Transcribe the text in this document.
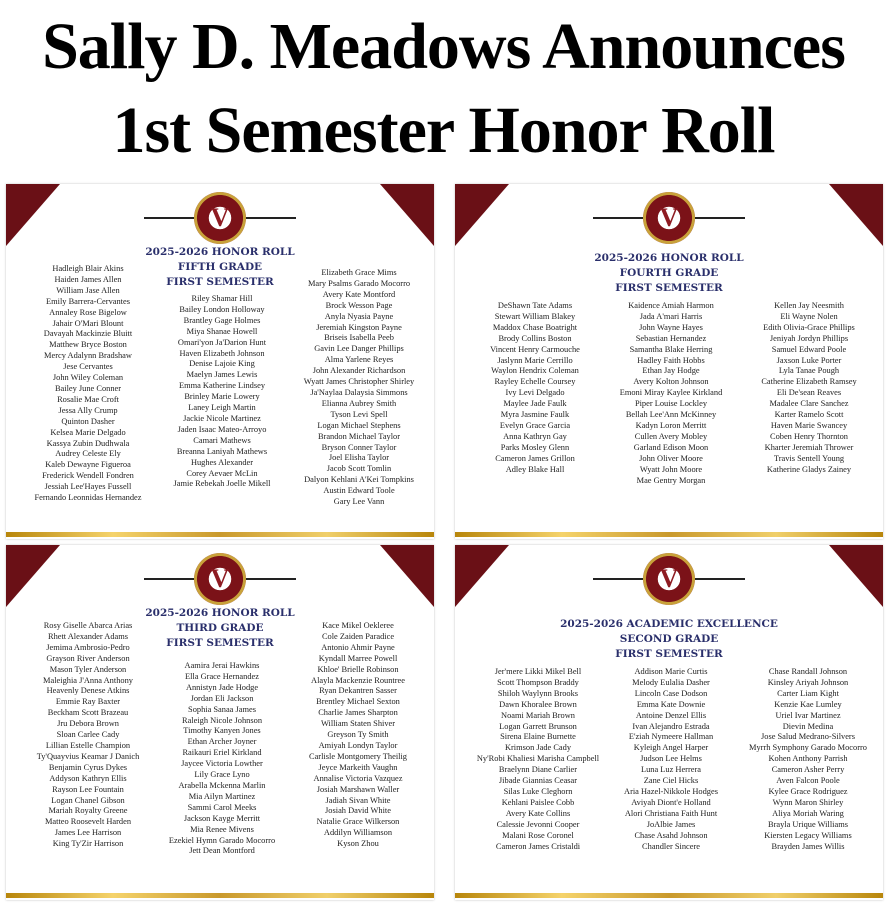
Sally D. Meadows Announces
1st Semester Honor Roll
V
2025-2026 HONOR ROLL
FIFTH GRADE
FIRST SEMESTER
Hadleigh Blair Akins
Haiden James Allen
William Jase Allen
Emily Barrera-Cervantes
Annaley Rose Bigelow
Jahair O'Mari Blount
Davayah Mackinzie Bluitt
Matthew Bryce Boston
Mercy Adalynn Bradshaw
Jese Cervantes
John Wiley Coleman
Bailey June Conner
Rosalie Mae Croft
Jessa Ally Crump
Quinton Dasher
Kelsea Marie Delgado
Kassya Zubin Dudhwala
Audrey Celeste Ely
Kaleb Dewayne Figueroa
Frederick Wendell Fondren
Jessiah Lee'Hayes Fussell
Fernando Leonnidas Hernandez
Riley Shamar Hill
Bailey London Holloway
Brantley Gage Holmes
Miya Shanae Howell
Omari'yon Ja'Darion Hunt
Haven Elizabeth Johnson
Denise Lajoie King
Maelyn James Lewis
Emma Katherine Lindsey
Brinley Marie Lowery
Laney Leigh Martin
Jackie Nicole Martinez
Jaden Isaac Mateo-Arroyo
Camari Mathews
Breanna Laniyah Mathews
Hughes Alexander
Corey Aevaer McLin
Jamie Rebekah Joelle Mikell
Elizabeth Grace Mims
Mary Psalms Garado Mocorro
Avery Kate Montford
Brock Wesson Page
Anyla Nyasia Payne
Jeremiah Kingston Payne
Briseis Isabella Peeb
Gavin Lee Danger Phillips
Alma Yarlene Reyes
John Alexander Richardson
Wyatt James Christopher Shirley
Ja'Naylaa Dalaysia Simmons
Elianna Aubrey Smith
Tyson Levi Spell
Logan Michael Stephens
Brandon Michael Taylor
Bryson Conner Taylor
Joel Elisha Taylor
Jacob Scott Tomlin
Dalyon Kehlani A'Kei Tompkins
Austin Edward Toole
Gary Lee Vann
V
2025-2026 HONOR ROLL
FOURTH GRADE
FIRST SEMESTER
DeShawn Tate Adams
Stewart William Blakey
Maddox Chase Boatright
Brody Collins Boston
Vincent Henry Carmouche
Jaslynn Marie Cerrillo
Waylon Hendrix Coleman
Rayley Echelle Coursey
Ivy Levi Delgado
Maylee Jade Faulk
Myra Jasmine Faulk
Evelyn Grace Garcia
Anna Kathryn Gay
Parks Mosley Glenn
Cameron James Grillon
Adley Blake Hall
Kaidence Amiah Harmon
Jada A'mari Harris
John Wayne Hayes
Sebastian Hernandez
Samantha Blake Herring
Hadley Faith Hobbs
Ethan Jay Hodge
Avery Kolton Johnson
Emoni Miray Kaylee Kirkland
Piper Louise Lockley
Bellah Lee'Ann McKinney
Kadyn Loron Merritt
Cullen Avery Mobley
Garland Edison Moon
John Oliver Moore
Wyatt John Moore
Mae Gentry Morgan
Kellen Jay Neesmith
Eli Wayne Nolen
Edith Olivia-Grace Phillips
Jeniyah Jordyn Phillips
Samuel Edward Poole
Jaxson Luke Porter
Lyla Tanae Pough
Catherine Elizabeth Ramsey
Eli De'sean Reaves
Madalee Clare Sanchez
Karter Ramelo Scott
Haven Marie Swancey
Coben Henry Thornton
Kharter Jeremiah Thrower
Travis Sentell Young
Katherine Gladys Zainey
V
2025-2026 HONOR ROLL
THIRD GRADE
FIRST SEMESTER
Rosy Giselle Abarca Arias
Rhett Alexander Adams
Jemima Ambrosio-Pedro
Grayson River Anderson
Mason Tyler Anderson
Maleighia J'Anna Anthony
Heavenly Denese Atkins
Emmie Ray Baxter
Beckham Scott Brazeau
Jru Debora Brown
Sloan Carlee Cady
Lillian Estelle Champion
Ty'Quayvius Keamar J Danich
Benjamin Cyrus Dykes
Addyson Kathryn Ellis
Rayson Lee Fountain
Logan Chanel Gibson
Mariah Royalty Greene
Matteo Roosevelt Harden
James Lee Harrison
King Ty'Zir Harrison
Aamira Jerai Hawkins
Ella Grace Hernandez
Annistyn Jade Hodge
Jordan Eli Jackson
Sophia Sanaa James
Raleigh Nicole Johnson
Timothy Kanyen Jones
Ethan Archer Joyner
Raikauri Eriel Kirkland
Jaycee Victoria Lowther
Lily Grace Lyno
Arabella Mckenna Marlin
Mia Ailyn Martinez
Sammi Carol Meeks
Jackson Kayge Merritt
Mia Renee Mivens
Ezekiel Hymn Garado Mocorro
Jett Dean Montford
Kace Mikel Oekleree
Cole Zaiden Paradice
Antonio Ahmir Payne
Kyndall Marree Powell
Khloe' Brielle Robinson
Alayla Mackenzie Rountree
Ryan Dekantren Sasser
Brentley Michael Sexton
Charlie James Sharpton
William Staten Shiver
Greyson Ty Smith
Amiyah Londyn Taylor
Carlisle Montgomery Theilig
Jeyce Markeith Vaughn
Annalise Victoria Vazquez
Josiah Marshawn Waller
Jadiah Sivan White
Josiah David White
Natalie Grace Wilkerson
Addilyn Williamson
Kyson Zhou
V
2025-2026 ACADEMIC EXCELLENCE
SECOND GRADE
FIRST SEMESTER
Jer'mere Likki Mikel Bell
Scott Thompson Braddy
Shiloh Waylynn Brooks
Dawn Khoralee Brown
Noami Mariah Brown
Logan Garrett Brunson
Sirena Elaine Burnette
Krimson Jade Cady
Ny'Robi Khaliesi Marisha Campbell
Braelynn Diane Carlier
Jibade Giannias Ceasar
Silas Luke Cleghorn
Kehlani Paislee Cobb
Avery Kate Collins
Calessie Jevonni Cooper
Malani Rose Coronel
Cameron James Cristaldi
Addison Marie Curtis
Melody Eulalia Dasher
Lincoln Case Dodson
Emma Kate Downie
Antoine Denzel Ellis
Ivan Alejandro Estrada
E'ziah Nymeere Hallman
Kyleigh Angel Harper
Judson Lee Helms
Luna Luz Herrera
Zane Ciel Hicks
Aria Hazel-Nikkole Hodges
Aviyah Diont'e Holland
Alori Christiana Faith Hunt
JoAlbie James
Chase Asahd Johnson
Chandler Sincere
Chase Randall Johnson
Kinsley Ariyah Johnson
Carter Liam Kight
Kenzie Kae Lumley
Uriel Ivar Martinez
Dievin Medina
Jose Salud Medrano-Silvers
Myrrh Symphony Garado Mocorro
Kohen Anthony Parrish
Cameron Asher Perry
Aven Falcon Poole
Kylee Grace Rodriguez
Wynn Maron Shirley
Aliya Moriah Waring
Brayla Urique Williams
Kiersten Legacy Williams
Brayden James Willis
